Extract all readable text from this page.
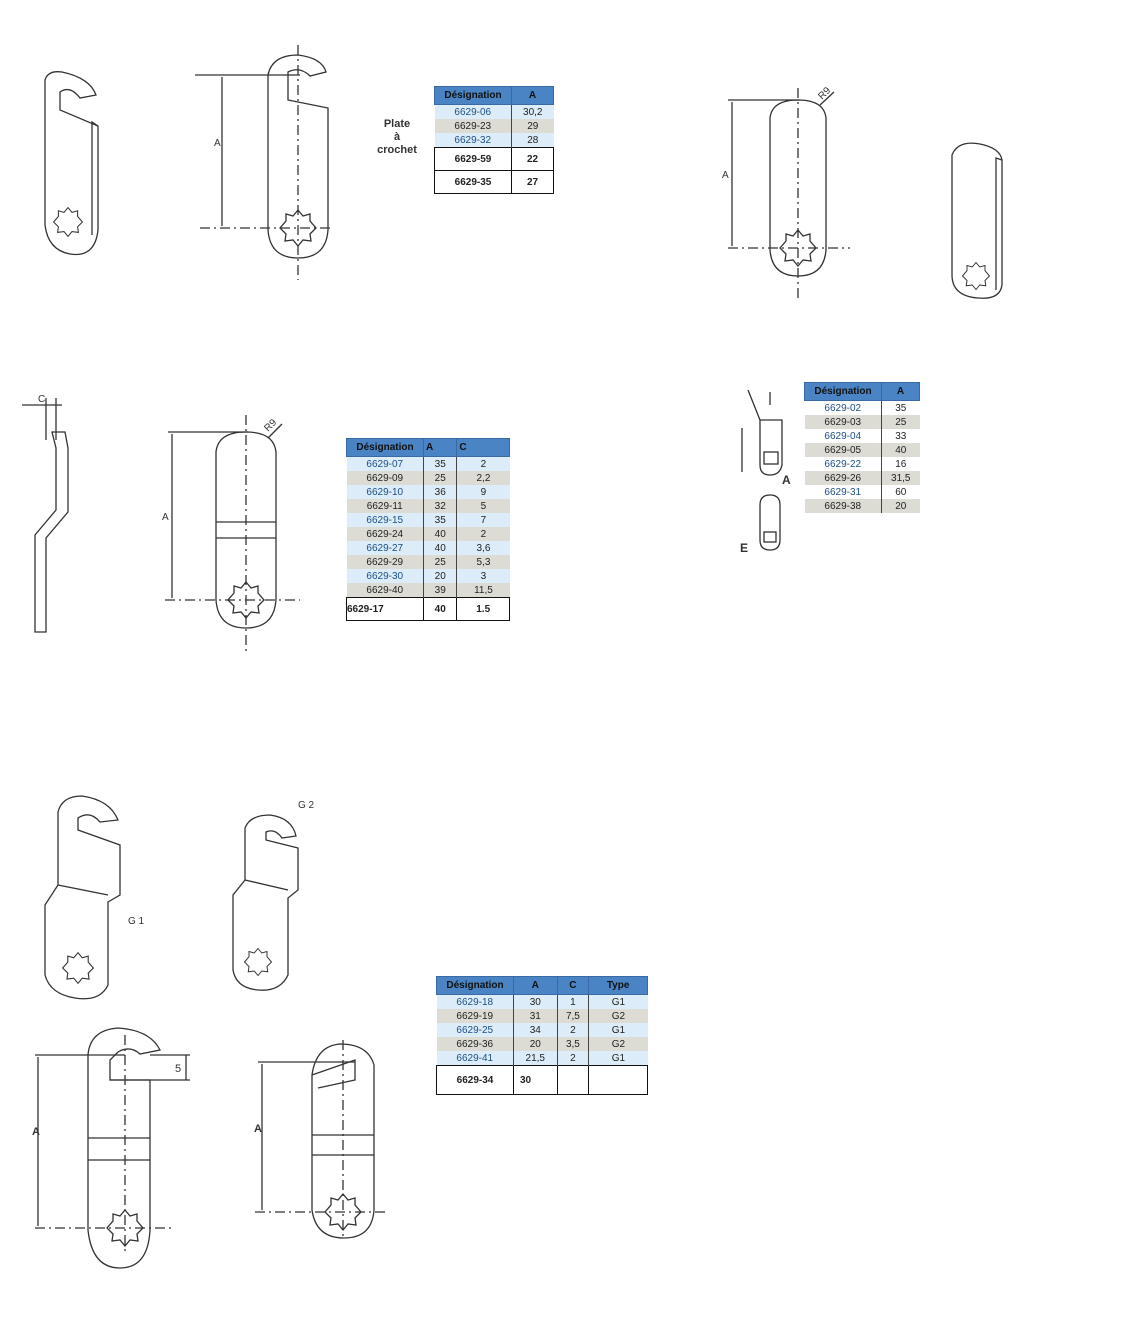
A
A
A
C
R9
R9
5
Plate
à
crochet
G 1
G 2
A
E
A	A
Désignation	A
6629-06	30,2
6629-23	29
6629-32	28
6629-59	22
6629-35	27
Désignation	A
6629-02	35
6629-03	25
6629-04	33
6629-05	40
6629-22	16
6629-26	31,5
6629-31	60
6629-38	20
Désignation	A	C
6629-07	35	2
6629-09	25	2,2
6629-10	36	9
6629-11	32	5
6629-15	35	7
6629-24	40	2
6629-27	40	3,6
6629-29	25	5,3
6629-30	20	3
6629-40	39	11,5
6629-17	40	1.5
Désignation	A	C	Type
6629-18	30	1	G1
6629-19	31	7,5	G2
6629-25	34	2	G1
6629-36	20	3,5	G2
6629-41	21,5	2	G1
6629-34	30		
